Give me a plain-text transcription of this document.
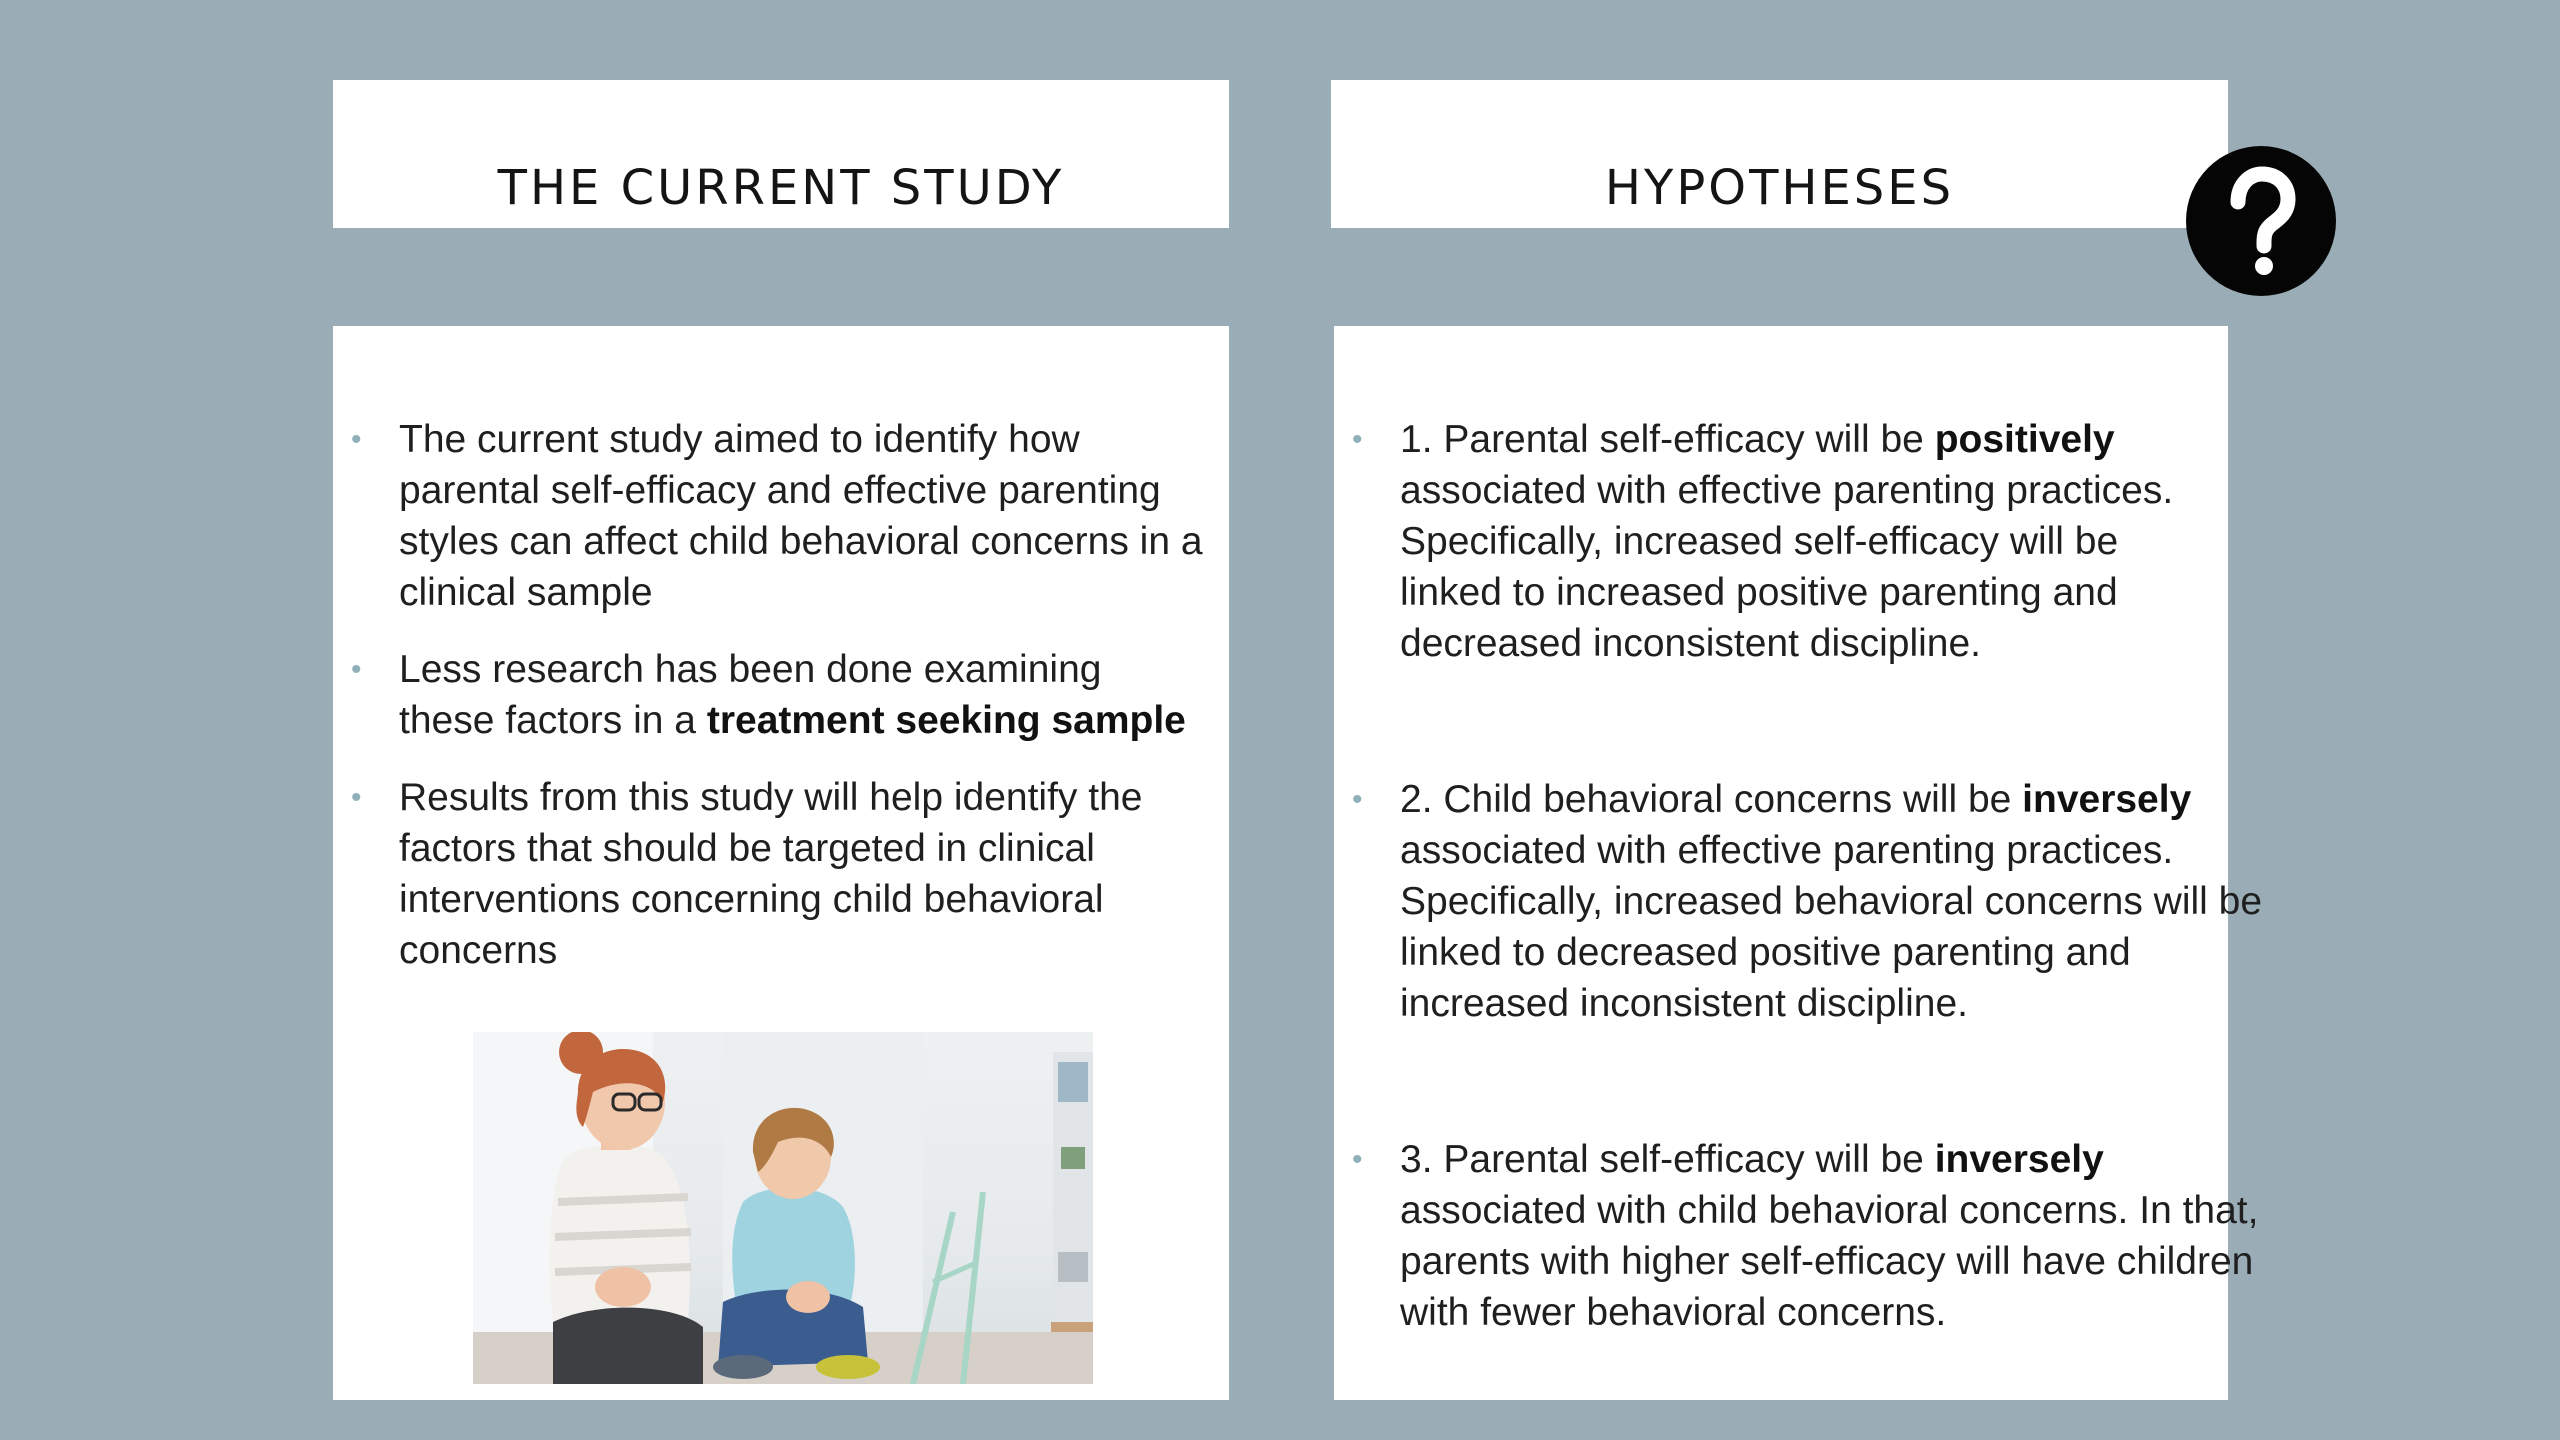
THE CURRENT STUDY	HYPOTHESES
• The current study aimed to identify how parental self-efficacy and effective parenting styles can affect child behavioral concerns in a clinical sample
• Less research has been done examining these factors in a treatment seeking sample
• Results from this study will help identify the factors that should be targeted in clinical interventions concerning child behavioral concerns
• 1. Parental self-efficacy will be positively associated with effective parenting practices. Specifically, increased self-efficacy will be linked to increased positive parenting and decreased inconsistent discipline.
• 2. Child behavioral concerns will be inversely associated with effective parenting practices. Specifically, increased behavioral concerns will be linked to decreased positive parenting and increased inconsistent discipline.
• 3. Parental self-efficacy will be inversely associated with child behavioral concerns. In that, parents with higher self-efficacy will have children with fewer behavioral concerns.
